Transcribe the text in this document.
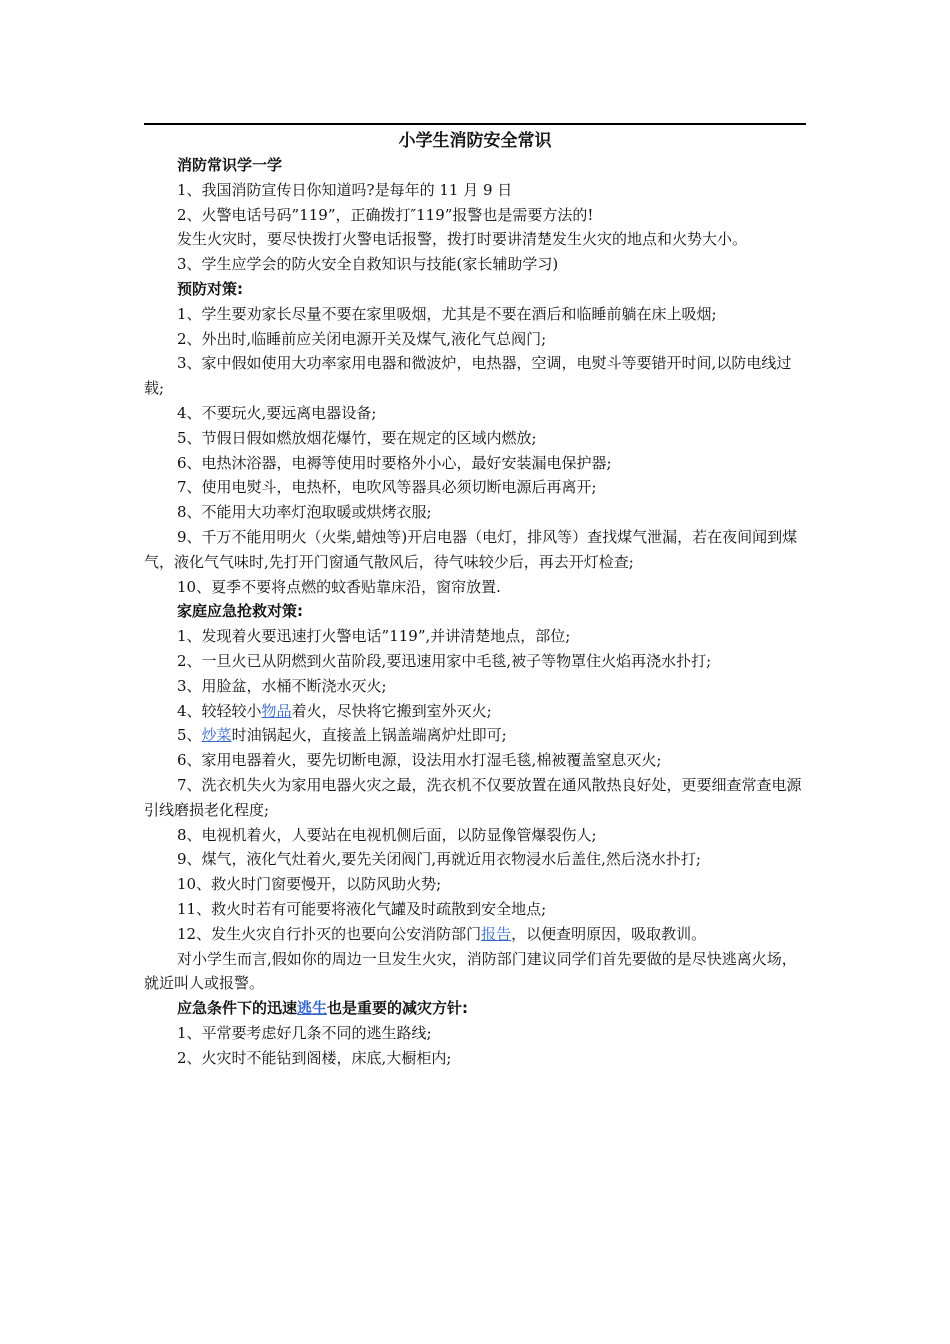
小学生消防安全常识

消防常识学一学

1、我国消防宣传日你知道吗?是每年的 11 月 9 日

2、火警电话号码”119”，正确拨打″119”报警也是需要方法的!

发生火灾时，要尽快拨打火警电话报警，拨打时要讲清楚发生火灾的地点和火势大小。

3、学生应学会的防火安全自救知识与技能(家长辅助学习)

预防对策:

1、学生要劝家长尽量不要在家里吸烟，尤其是不要在酒后和临睡前躺在床上吸烟;

2、外出时,临睡前应关闭电源开关及煤气,液化气总阀门;

3、家中假如使用大功率家用电器和微波炉，电热器，空调，电熨斗等要错开时间,以防电线过载;

4、不要玩火,要远离电器设备;

5、节假日假如燃放烟花爆竹，要在规定的区域内燃放;

6、电热沐浴器，电褥等使用时要格外小心，最好安装漏电保护器;

7、使用电熨斗，电热杯，电吹风等器具必须切断电源后再离开;

8、不能用大功率灯泡取暖或烘烤衣服;

9、千万不能用明火（火柴,蜡烛等)开启电器（电灯，排风等）查找煤气泄漏，若在夜间闻到煤气，液化气气味时,先打开门窗通气散风后，待气味较少后，再去开灯检查;

10、夏季不要将点燃的蚊香贴靠床沿，窗帘放置.

家庭应急抢救对策:

1、发现着火要迅速打火警电话”119”,并讲清楚地点，部位;

2、一旦火已从阴燃到火苗阶段,要迅速用家中毛毯,被子等物罩住火焰再浇水扑打;

3、用脸盆，水桶不断浇水灭火;

4、较轻较小物品着火，尽快将它搬到室外灭火;

5、炒菜时油锅起火，直接盖上锅盖端离炉灶即可;

6、家用电器着火，要先切断电源，设法用水打湿毛毯,棉被覆盖窒息灭火;

7、洗衣机失火为家用电器火灾之最，洗衣机不仅要放置在通风散热良好处，更要细查常查电源引线磨损老化程度;

8、电视机着火，人要站在电视机侧后面，以防显像管爆裂伤人;

9、煤气，液化气灶着火,要先关闭阀门,再就近用衣物浸水后盖住,然后浇水扑打;

10、救火时门窗要慢开，以防风助火势;

11、救火时若有可能要将液化气罐及时疏散到安全地点;

12、发生火灾自行扑灭的也要向公安消防部门报告，以便查明原因，吸取教训。

对小学生而言,假如你的周边一旦发生火灾，消防部门建议同学们首先要做的是尽快逃离火场，就近叫人或报警。

应急条件下的迅速逃生也是重要的减灾方针:

1、平常要考虑好几条不同的逃生路线;

2、火灾时不能钻到阁楼，床底,大橱柜内;
